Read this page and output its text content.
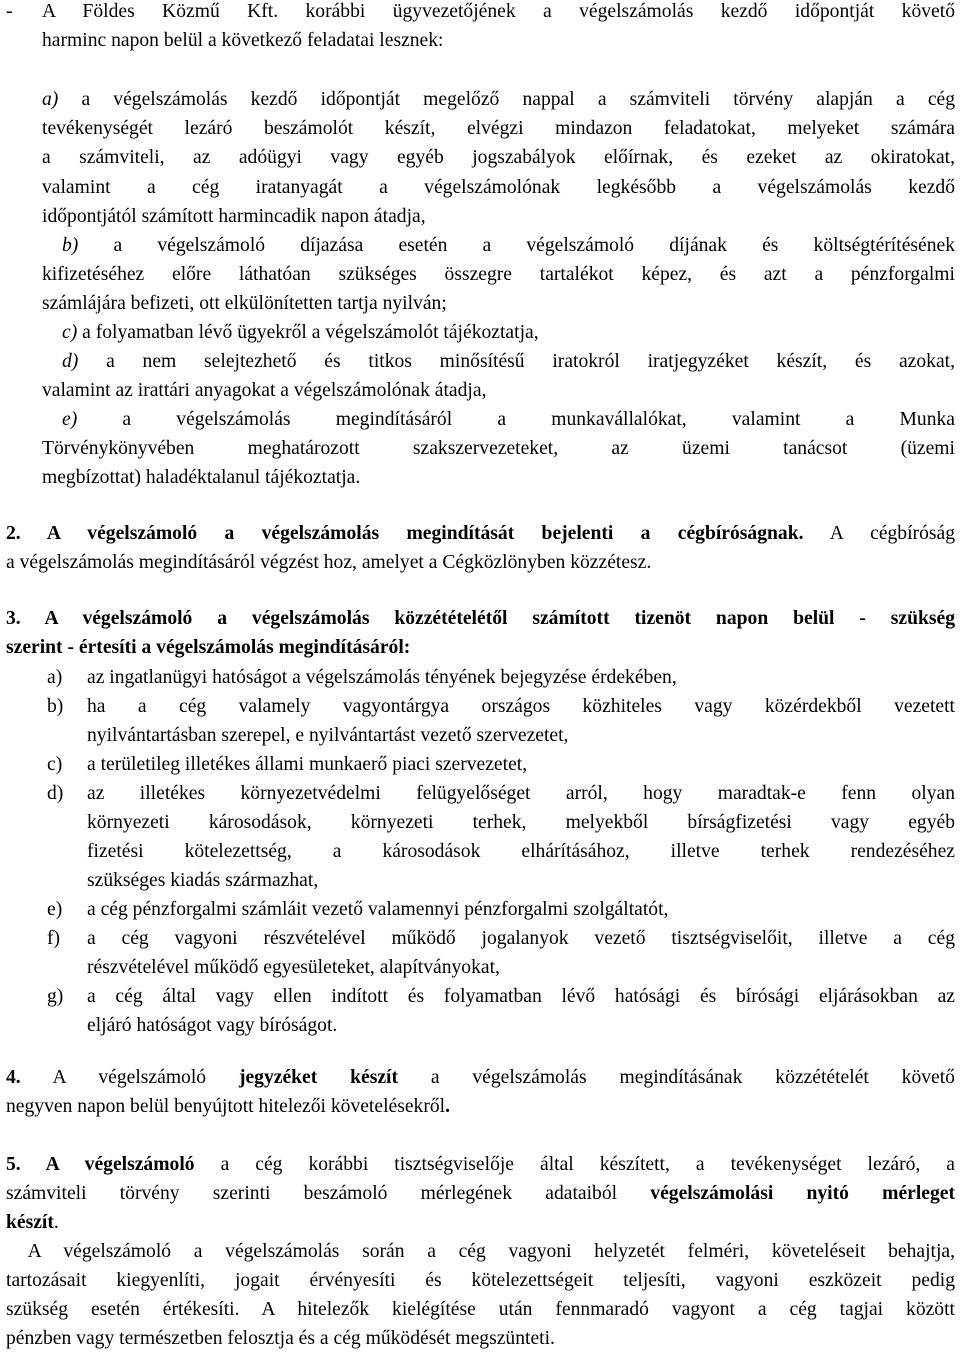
- A Földes Közmű Kft. korábbi ügyvezetőjének a végelszámolás kezdő időpontját követő
harminc napon belül a következő feladatai lesznek:
a) a végelszámolás kezdő időpontját megelőző nappal a számviteli törvény alapján a cég
tevékenységét lezáró beszámolót készít, elvégzi mindazon feladatokat, melyeket számára
a számviteli, az adóügyi vagy egyéb jogszabályok előírnak, és ezeket az okiratokat,
valamint a cég iratanyagát a végelszámolónak legkésőbb a végelszámolás kezdő
időpontjától számított harmincadik napon átadja,
b) a végelszámoló díjazása esetén a végelszámoló díjának és költségtérítésének
kifizetéséhez előre láthatóan szükséges összegre tartalékot képez, és azt a pénzforgalmi
számlájára befizeti, ott elkülönítetten tartja nyilván;
c) a folyamatban lévő ügyekről a végelszámolót tájékoztatja,
d) a nem selejtezhető és titkos minősítésű iratokról iratjegyzéket készít, és azokat,
valamint az irattári anyagokat a végelszámolónak átadja,
e) a végelszámolás megindításáról a munkavállalókat, valamint a Munka
Törvénykönyvében meghatározott szakszervezeteket, az üzemi tanácsot (üzemi
megbízottat) haladéktalanul tájékoztatja.
2. A végelszámoló a végelszámolás megindítását bejelenti a cégbíróságnak. A cégbíróság
a végelszámolás megindításáról végzést hoz, amelyet a Cégközlönyben közzétesz.
3. A végelszámoló a végelszámolás közzétételétől számított tizenöt napon belül - szükség
szerint - értesíti a végelszámolás megindításáról:
a) az ingatlanügyi hatóságot a végelszámolás tényének bejegyzése érdekében,
b) ha a cég valamely vagyontárgya országos közhiteles vagy közérdekből vezetett
nyilvántartásban szerepel, e nyilvántartást vezető szervezetet,
c) a területileg illetékes állami munkaerő piaci szervezetet,
d) az illetékes környezetvédelmi felügyelőséget arról, hogy maradtak-e fenn olyan
környezeti károsodások, környezeti terhek, melyekből bírságfizetési vagy egyéb
fizetési kötelezettség, a károsodások elhárításához, illetve terhek rendezéséhez
szükséges kiadás származhat,
e) a cég pénzforgalmi számláit vezető valamennyi pénzforgalmi szolgáltatót,
f) a cég vagyoni részvételével működő jogalanyok vezető tisztségviselőit, illetve a cég
részvételével működő egyesületeket, alapítványokat,
g) a cég által vagy ellen indított és folyamatban lévő hatósági és bírósági eljárásokban az
eljáró hatóságot vagy bíróságot.
4. A végelszámoló jegyzéket készít a végelszámolás megindításának közzétételét követő
negyven napon belül benyújtott hitelezői követelésekről.
5. A végelszámoló a cég korábbi tisztségviselője által készített, a tevékenységet lezáró, a
számviteli törvény szerinti beszámoló mérlegének adataiból végelszámolási nyitó mérleget
készít.
A végelszámoló a végelszámolás során a cég vagyoni helyzetét felméri, követeléseit behajtja,
tartozásait kiegyenlíti, jogait érvényesíti és kötelezettségeit teljesíti, vagyoni eszközeit pedig
szükség esetén értékesíti. A hitelezők kielégítése után fennmaradó vagyont a cég tagjai között
pénzben vagy természetben felosztja és a cég működését megszünteti.
